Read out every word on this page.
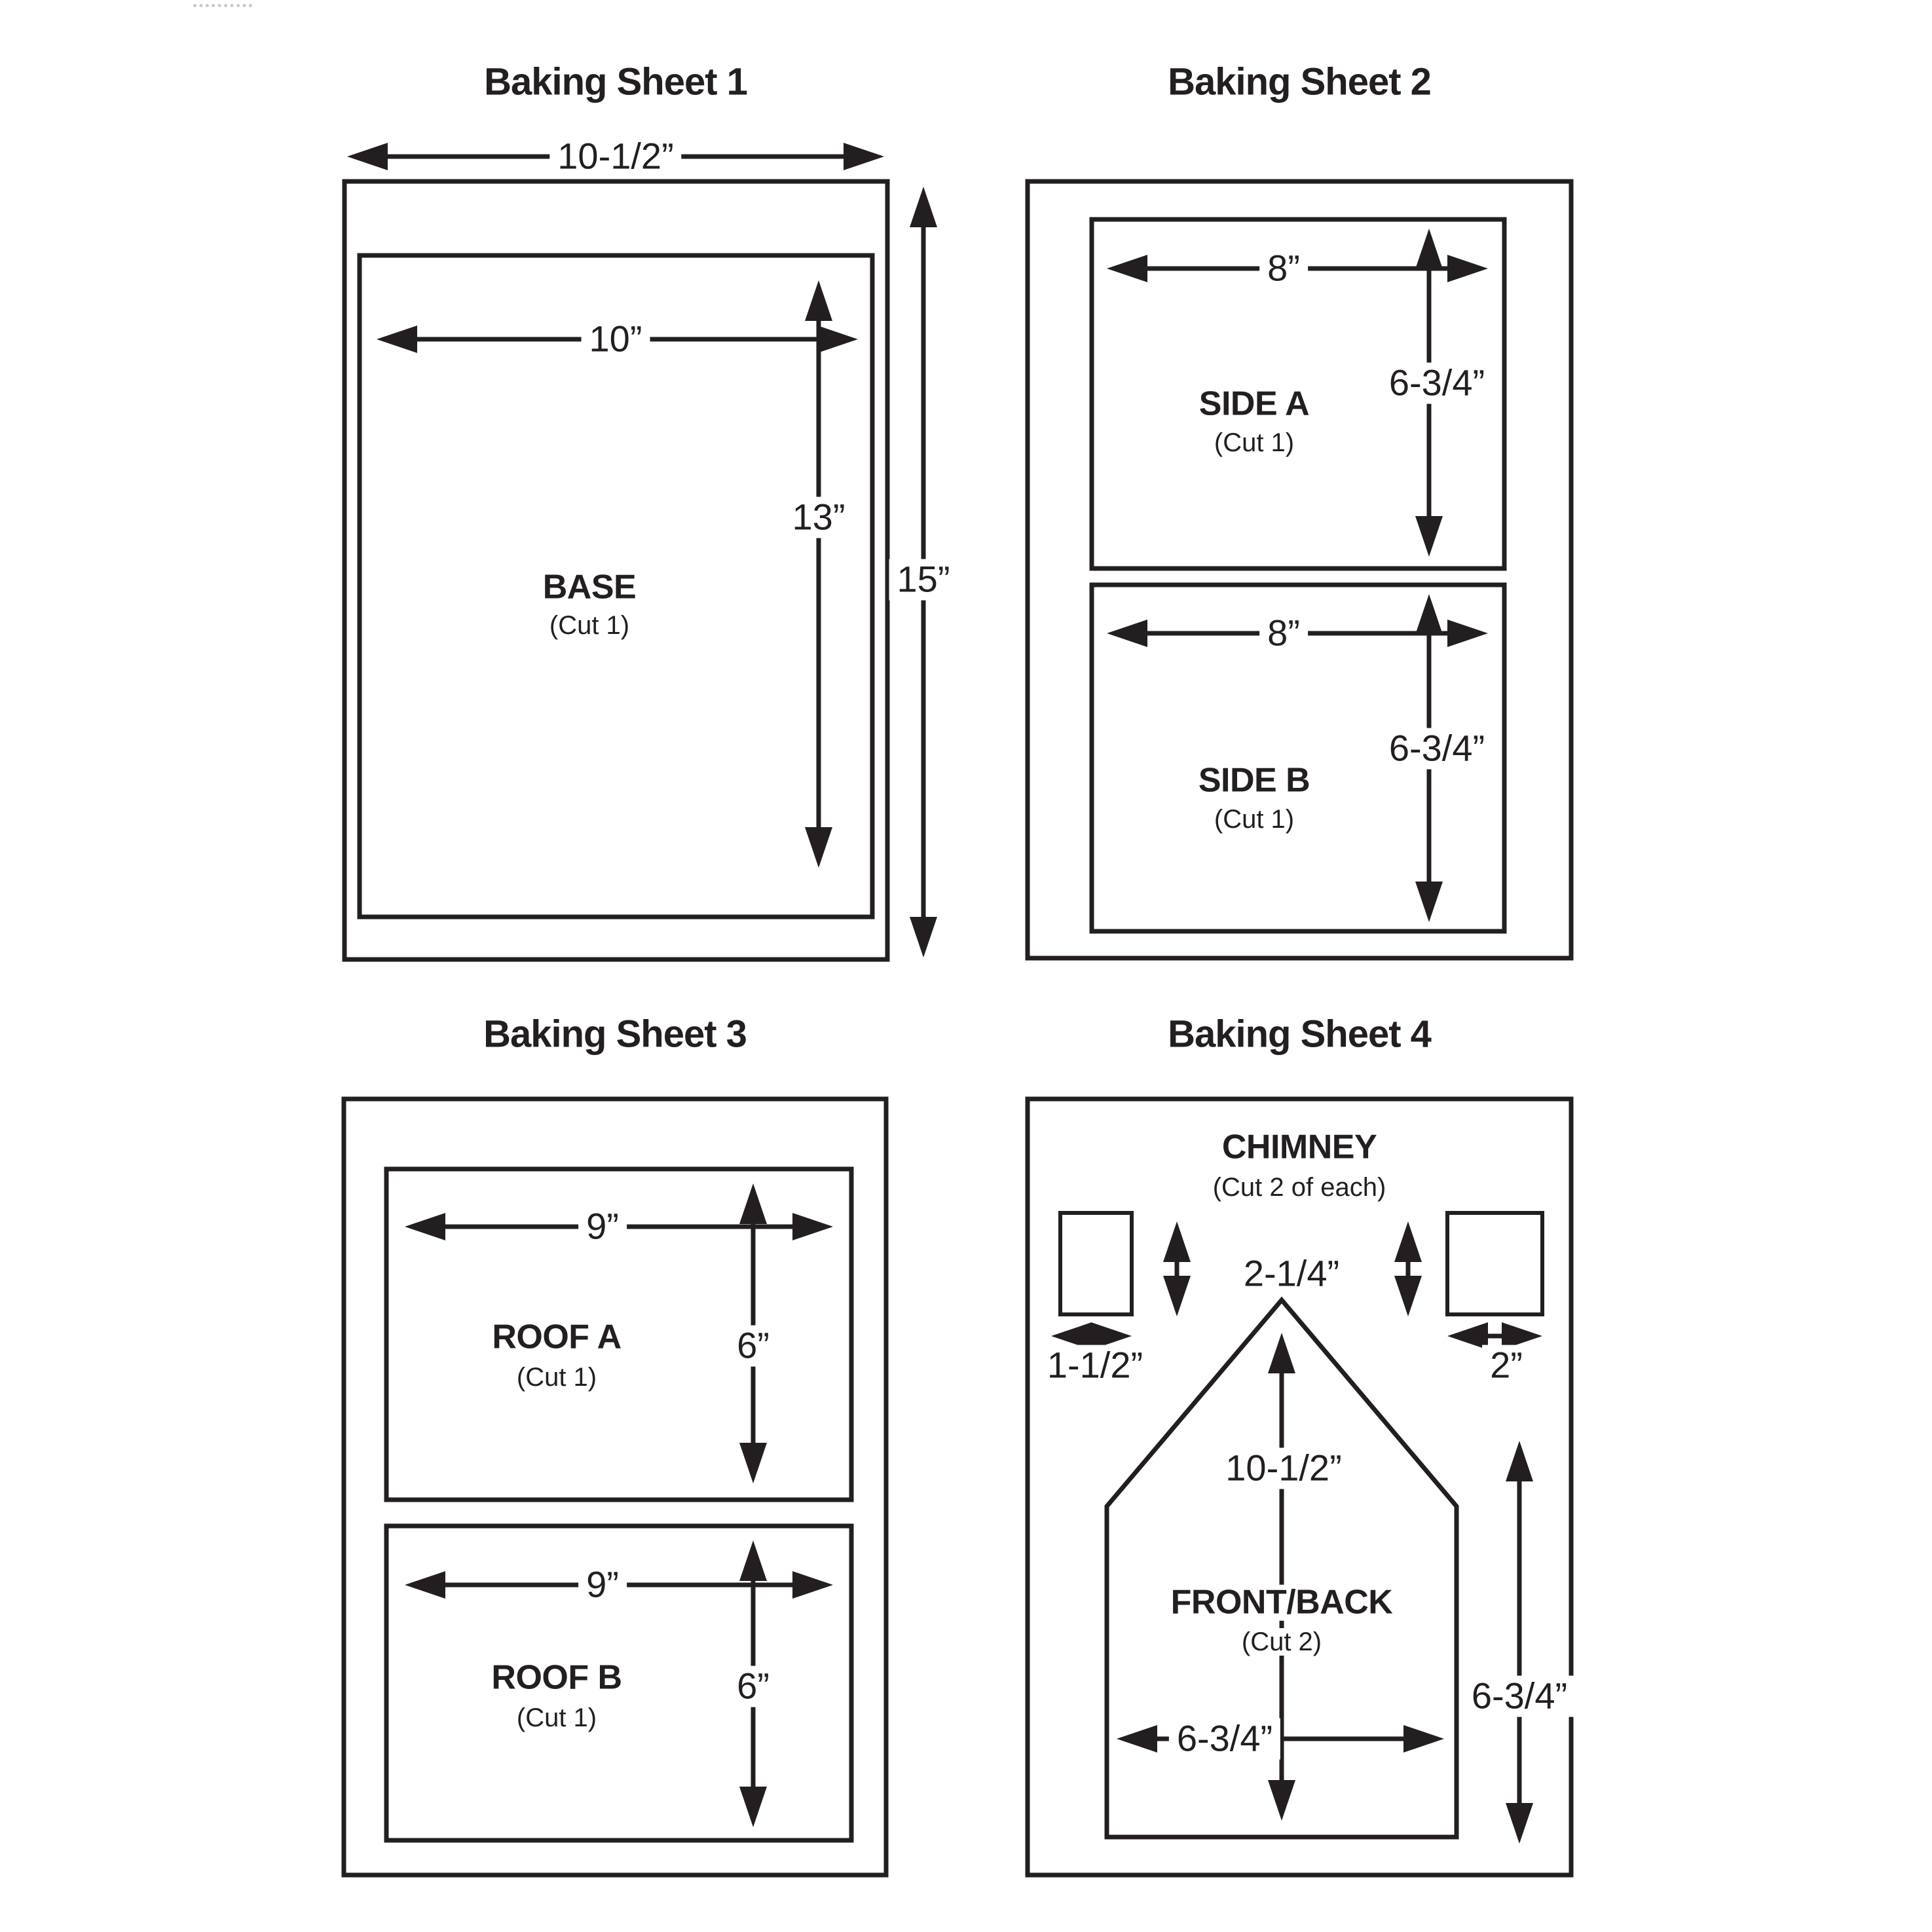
Baking Sheet 1
10-1/2”
10”
13”
15”
BASE
(Cut 1)
Baking Sheet 2
8”
6-3/4”
SIDE A
(Cut 1)
8”
6-3/4”
SIDE B
(Cut 1)
Baking Sheet 3
9”
6”
ROOF A
(Cut 1)
9”
6”
ROOF B
(Cut 1)
Baking Sheet 4
CHIMNEY
(Cut 2 of each)
2-1/4”
1-1/2”	2”
10-1/2”
FRONT/BACK
(Cut 2)
6-3/4”
6-3/4”
